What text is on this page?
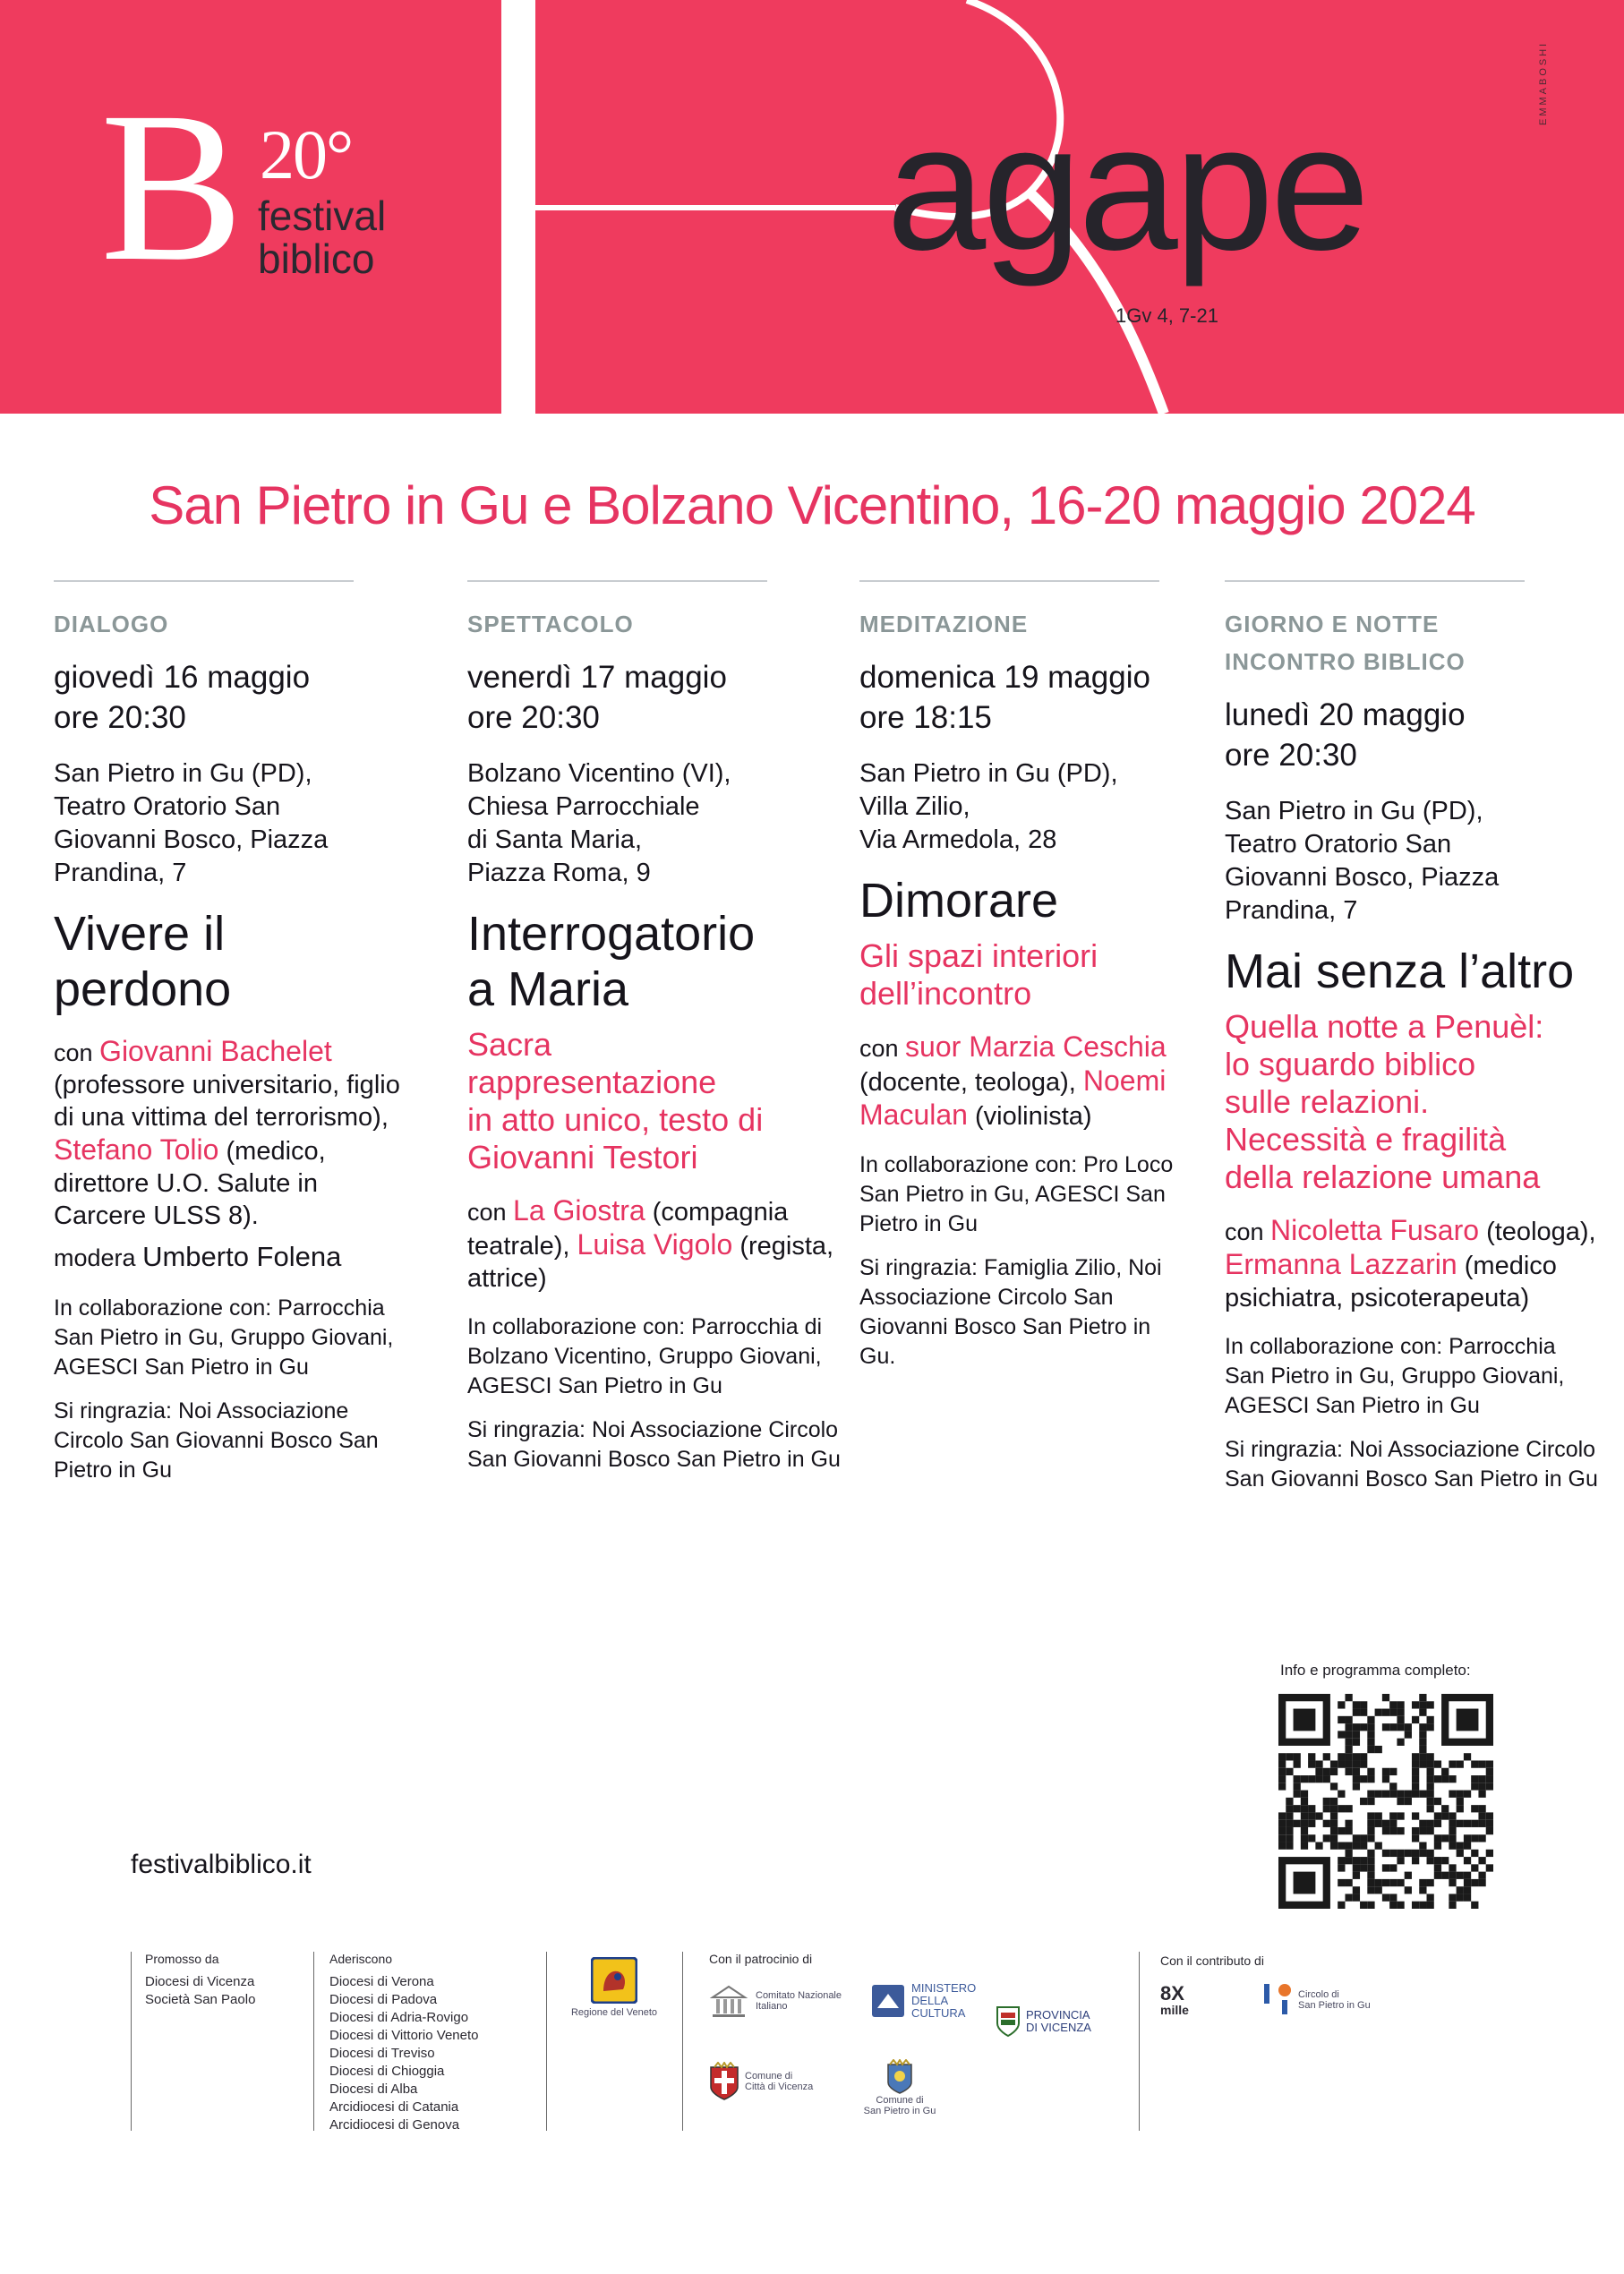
B 20°
festival
biblico	agape
1Gv 4, 7-21
EMMABOSHI
San Pietro in Gu e Bolzano Vicentino, 16-20 maggio 2024
DIALOGO
giovedì 16 maggio
ore 20:30
San Pietro in Gu (PD),
Teatro Oratorio San
Giovanni Bosco, Piazza
Prandina, 7
Vivere il
perdono
con Giovanni Bachelet (professore universitario, figlio di una vittima del terrorismo), Stefano Tolio (medico, direttore U.O. Salute in Carcere ULSS 8).
modera Umberto Folena
In collaborazione con: Parrocchia San Pietro in Gu, Gruppo Giovani, AGESCI San Pietro in Gu
Si ringrazia: Noi Associazione Circolo San Giovanni Bosco San Pietro in Gu
SPETTACOLO
venerdì 17 maggio
ore 20:30
Bolzano Vicentino (VI),
Chiesa Parrocchiale
di Santa Maria,
Piazza Roma, 9
Interrogatorio
a Maria
Sacra
rappresentazione
in atto unico, testo di
Giovanni Testori
con La Giostra (compagnia teatrale), Luisa Vigolo (regista, attrice)
In collaborazione con: Parrocchia di Bolzano Vicentino, Gruppo Giovani, AGESCI San Pietro in Gu
Si ringrazia: Noi Associazione Circolo San Giovanni Bosco San Pietro in Gu
MEDITAZIONE
domenica 19 maggio
ore 18:15
San Pietro in Gu (PD),
Villa Zilio,
Via Armedola, 28
Dimorare
Gli spazi interiori
dell’incontro
con suor Marzia Ceschia (docente, teologa), Noemi Maculan (violinista)
In collaborazione con: Pro Loco San Pietro in Gu, AGESCI San Pietro in Gu
Si ringrazia: Famiglia Zilio, Noi Associazione Circolo San Giovanni Bosco San Pietro in Gu.
GIORNO E NOTTE
INCONTRO BIBLICO
lunedì 20 maggio
ore 20:30
San Pietro in Gu (PD),
Teatro Oratorio San
Giovanni Bosco, Piazza
Prandina, 7
Mai senza l’altro
Quella notte a Penuèl:
lo sguardo biblico
sulle relazioni.
Necessità e fragilità
della relazione umana
con Nicoletta Fusaro (teologa), Ermanna Lazzarin (medico psichiatra, psicoterapeuta)
In collaborazione con: Parrocchia San Pietro in Gu, Gruppo Giovani, AGESCI San Pietro in Gu
Si ringrazia: Noi Associazione Circolo San Giovanni Bosco San Pietro in Gu
Info e programma completo:
festivalbiblico.it
Promosso da
Diocesi di Vicenza
Società San Paolo
Aderiscono
Diocesi di Verona
Diocesi di Padova
Diocesi di Adria-Rovigo
Diocesi di Vittorio Veneto
Diocesi di Treviso
Diocesi di Chioggia
Diocesi di Alba
Arcidiocesi di Catania
Arcidiocesi di Genova
Regione del Veneto
Con il patrocinio di
Comitato Nazionale Italiano
MINISTERO
DELLA
CULTURA	PROVINCIA
DI VICENZA
Comune di
Città di Vicenza
Comune di
San Pietro in Gu
Con il contributo di
8X
mille
Circolo di
San Pietro in Gu
